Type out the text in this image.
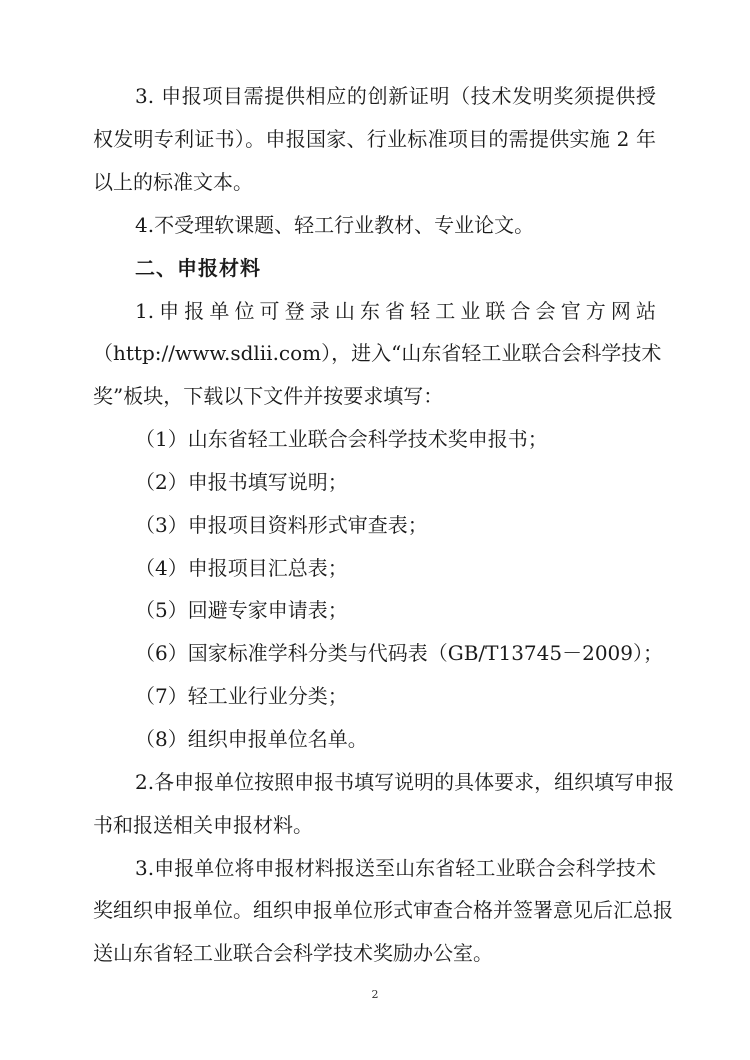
3. 申报项目需提供相应的创新证明（技术发明奖须提供授
权发明专利证书）。申报国家、行业标准项目的需提供实施 2 年
以上的标准文本。
4.不受理软课题、轻工行业教材、专业论文。
二、申报材料
1.申报单位可登录山东省轻工业联合会官方网站
（http://www.sdlii.com），进入“山东省轻工业联合会科学技术
奖”板块，下载以下文件并按要求填写：
（1）山东省轻工业联合会科学技术奖申报书；
（2）申报书填写说明；
（3）申报项目资料形式审查表；
（4）申报项目汇总表；
（5）回避专家申请表；
（6）国家标准学科分类与代码表（GB/T13745－2009）；
（7）轻工业行业分类；
（8）组织申报单位名单。
2.各申报单位按照申报书填写说明的具体要求，组织填写申报
书和报送相关申报材料。
3.申报单位将申报材料报送至山东省轻工业联合会科学技术
奖组织申报单位。组织申报单位形式审查合格并签署意见后汇总报
送山东省轻工业联合会科学技术奖励办公室。
2
